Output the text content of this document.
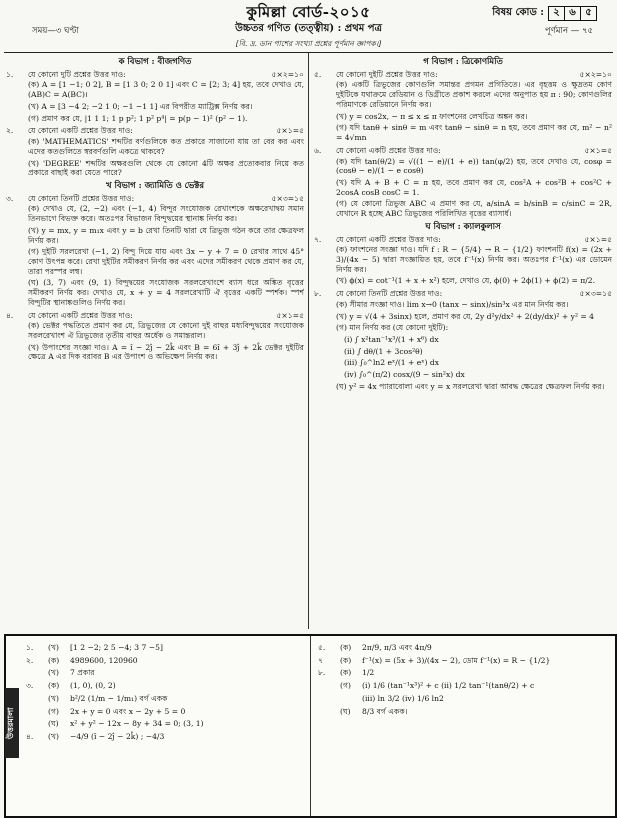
কুমিল্লা বোর্ড-২০১৫	বিষয় কোড : ২ ৬ ৫
সময়—৩ ঘণ্টা	উচ্চতর গণিত (তত্ত্বীয়) : প্রথম পত্র	পূর্ণমান — ৭৫
[বি. দ্র. ডান পাশের সংখ্যা প্রশ্নের পূর্ণমান জ্ঞাপক।]
ক বিভাগ : বীজগণিত
১.	যে কোনো দুটি প্রশ্নের উত্তর দাও:	৫×২=১০
(ক) A = [1 −1; 0 2], B = [1 3 0; 2 0 1] এবং C = [2; 3; 4] হয়, তবে দেখাও যে, (AB)C = A(BC)।
(খ) A = [3 −4 2; −2 1 0; −1 −1 1] এর বিপরীত ম্যাট্রিক্স নির্ণয় কর।
(গ) প্রমাণ কর যে, |1 1 1; 1 p p²; 1 p² p⁴| = p(p − 1)² (p² − 1).
২.	যে কোনো একটি প্রশ্নের উত্তর দাও:	৫×১=৫
(ক) 'MATHEMATICS' শব্দটির বর্ণগুলিকে কত প্রকারে সাজানো যায় তা বের কর এবং এদের কতগুলিতে স্বরবর্ণগুলি একত্রে থাকবে?
(খ) 'DEGREE' শব্দটির অক্ষরগুলি থেকে যে কোনো 4টি অক্ষর প্রত্যেকবার নিয়ে কত প্রকারে বাছাই করা যেতে পারে?
খ বিভাগ : জ্যামিতি ও ভেক্টর
৩.	যে কোনো তিনটি প্রশ্নের উত্তর দাও:	৫×৩=১৫
(ক) দেখাও যে, (2, −2) এবং (−1, 4) বিন্দুর সংযোজক রেখাংশকে অক্ষরেখাদ্বয় সমান তিনভাগে বিভক্ত করে। অতঃপর বিভাজন বিন্দুদ্বয়ের স্থানাঙ্ক নির্ণয় কর।
(খ) y = mx, y = m₁x এবং y = b রেখা তিনটি দ্বারা যে ত্রিভুজ গঠন করে তার ক্ষেত্রফল নির্ণয় কর।
(গ) দুইটি সরলরেখা (−1, 2) বিন্দু দিয়ে যায় এবং 3x − y + 7 = 0 রেখার সাথে 45° কোণ উৎপন্ন করে। রেখা দুইটির সমীকরণ নির্ণয় কর এবং এদের সমীকরণ থেকে প্রমাণ কর যে, তারা পরস্পর লম্ব।
(ঘ) (3, 7) এবং (9, 1) বিন্দুদ্বয়ের সংযোজক সরলরেখাংশে ব্যাস ধরে অঙ্কিত বৃত্তের সমীকরণ নির্ণয় কর। দেখাও যে, x + y = 4 সরলরেখাটি ঐ বৃত্তের একটি স্পর্শক। স্পর্শ বিন্দুটির স্থানাঙ্কগুলিও নির্ণয় কর।
৪.	যে কোনো একটি প্রশ্নের উত্তর দাও:	৫×১=৫
(ক) ভেক্টর পদ্ধতিতে প্রমাণ কর যে, ত্রিভুজের যে কোনো দুই বাহুর মধ্যবিন্দুদ্বয়ের সংযোজক সরলরেখাংশ ঐ ত্রিভুজের তৃতীয় বাহুর অর্ধেক ও সমান্তরাল।
(খ) উপাংশের সংজ্ঞা দাও। A = î − 2ĵ − 2k̂ এবং B = 6î + 3ĵ + 2k̂ ভেক্টর দুইটির ক্ষেত্রে A এর দিক বরাবর B এর উপাংশ ও অভিক্ষেপ নির্ণয় কর।
গ বিভাগ : ত্রিকোণমিতি
৫.	যে কোনো দুইটি প্রশ্নের উত্তর দাও:	৫×২=১০
(ক) একটি ত্রিভুজের কোণগুলি সমান্তর প্রগমন প্রগিতিতে। এর বৃহত্তম ও ক্ষুদ্রতম কোণ দুইটিকে যথাক্রমে রেডিয়ান ও ডিগ্রীতে প্রকাশ করলে এদের অনুপাত হয় π : 90; কোণগুলির পরিমাণকে রেডিয়ানে নির্ণয় কর।
(খ) y = cos2x, − π ≤ x ≤ π ফাংশনের লেখচিত্র অঙ্কন কর।
(গ) যদি tanθ + sinθ = m এবং tanθ − sinθ = n হয়, তবে প্রমাণ কর যে, m² − n² = 4√mn
৬.	যে কোনো একটি প্রশ্নের উত্তর দাও:	৫×১=৫
(ক) যদি tan(θ/2) = √((1 − e)/(1 + e)) tan(φ/2) হয়, তবে দেখাও যে, cosφ = (cosθ − e)/(1 − e cosθ)
(খ) যদি A + B + C = π হয়, তবে প্রমাণ কর যে, cos²A + cos²B + cos²C + 2cosA cosB cosC = 1.
(গ) যে কোনো ত্রিভুজ ABC এ প্রমাণ কর যে, a/sinA = b/sinB = c/sinC = 2R, যেখানে R হচ্ছে ABC ত্রিভুজের পরিলিখিত বৃত্তের ব্যাসার্ধ।
ঘ বিভাগ : ক্যালকুলাস
৭.	যে কোনো একটি প্রশ্নের উত্তর দাও:	৫×১=৫
(ক) ফাংশনের সংজ্ঞা দাও। যদি f : R − {5/4} → R − {1/2} ফাংশনটি f(x) = (2x + 3)/(4x − 5) দ্বারা সংজ্ঞায়িত হয়, তবে f⁻¹(x) নির্ণয় কর। অতঃপর f⁻¹(x) এর ডোমেন নির্ণয় কর।
(খ) ϕ(x) = cot⁻¹(1 + x + x²) হলে, দেখাও যে, ϕ(0) + 2ϕ(1) + ϕ(2) = π/2.
৮.	যে কোনো তিনটি প্রশ্নের উত্তর দাও:	৫×৩=১৫
(ক) সীমার সংজ্ঞা দাও। lim x→0 (tanx − sinx)/sin³x এর মান নির্ণয় কর।
(খ) y = √(4 + 3sinx) হলে, প্রমাণ কর যে, 2y d²y/dx² + 2(dy/dx)² + y² = 4
(গ) মান নির্ণয় কর (যে কোনো দুইটি):
(i) ∫ x²tan⁻¹x³/(1 + x⁶) dx
(ii) ∫ dθ/(1 + 3cos²θ)
(iii) ∫₀^ln2 eˣ/(1 + eˣ) dx
(iv) ∫₀^(π/2) cosx/(9 − sin²x) dx
(ঘ) y² = 4x প্যারাবোলা এবং y = x সরলরেখা দ্বারা আবদ্ধ ক্ষেত্রের ক্ষেত্রফল নির্ণয় কর।
উত্তরমালা
১.	(খ)	[1 2 −2; 2 5 −4; 3 7 −5]
২.	(ক)	4989600, 120960
(খ)	7 প্রকার
৩.	(ক)	(1, 0), (0, 2)
(খ)	b²/2 (1/m − 1/m₁) বর্গ একক
(গ)	2x + y = 0 এবং x − 2y + 5 = 0
(ঘ)	x² + y² − 12x − 8y + 34 = 0; (3, 1)
৪.	(খ)	−4/9 (î − 2ĵ − 2k̂) ; −4/3
৫.	(ক)	2π/9, π/3 এবং 4π/9
৭	(ক)	f⁻¹(x) = (5x + 3)/(4x − 2), ডোম f⁻¹(x) = R − {1/2}
৮.	(ক)	1/2
(গ)	(i) 1/6 (tan⁻¹x³)² + c (ii) 1/2 tan⁻¹(tanθ/2) + c
(iii) ln 3/2 (iv) 1/6 ln2
(ঘ)	8/3 বর্গ একক।
